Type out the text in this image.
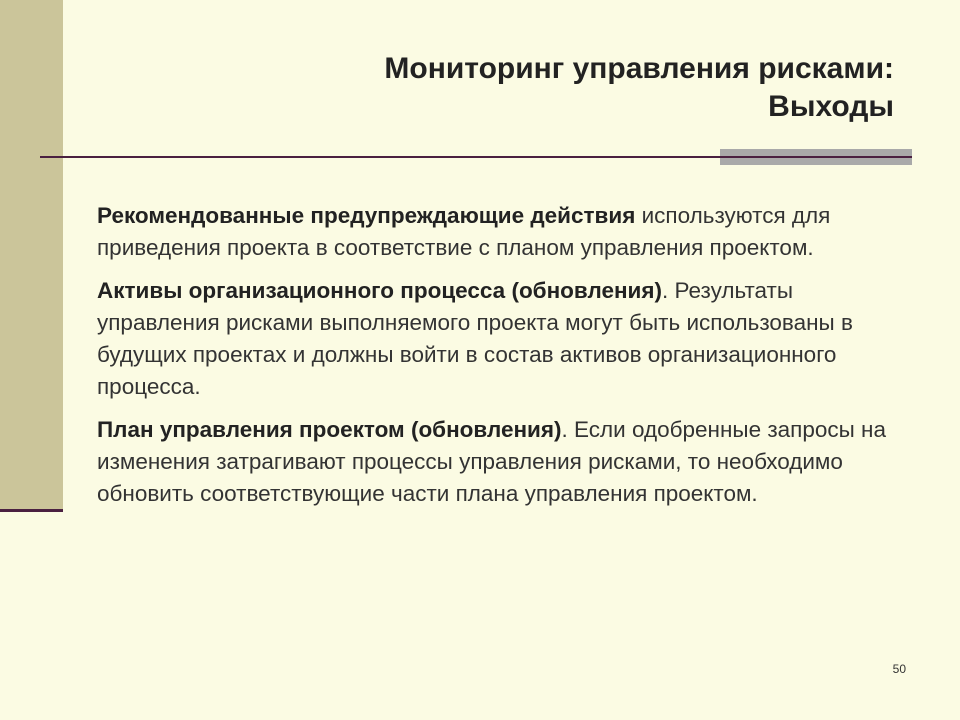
Мониторинг управления рисками:
Выходы

Рекомендованные предупреждающие действия используются для приведения проекта в соответствие с планом управления проектом.

Активы организационного процесса (обновления). Результаты управления рисками выполняемого проекта могут быть использованы в будущих проектах и должны войти в состав активов организационного процесса.

План управления проектом (обновления). Если одобренные запросы на изменения затрагивают процессы управления рисками, то необходимо обновить соответствующие части плана управления проектом.

50
